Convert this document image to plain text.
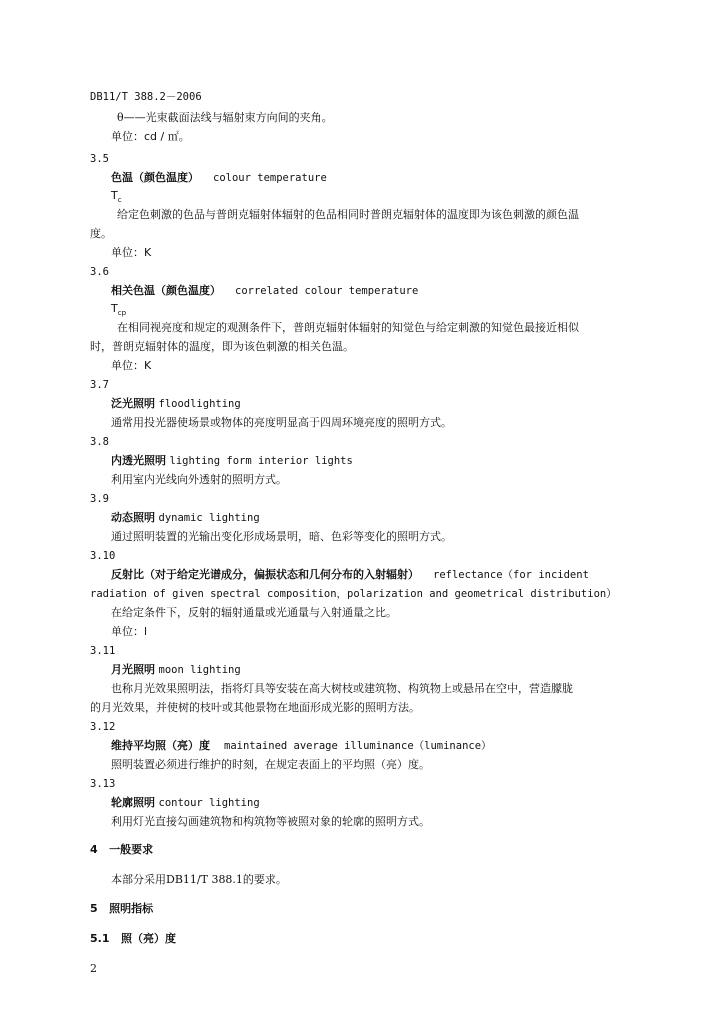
DB11/T 388.2－2006
θ——光束截面法线与辐射束方向间的夹角。
单位：cd / ㎡。
3.5
色温（颜色温度） colour temperature
$T_c$
给定色刺激的色品与普朗克辐射体辐射的色品相同时普朗克辐射体的温度即为该色刺激的颜色温
度。
单位：K
3.6
相关色温（颜色温度） correlated colour temperature
$T_{cp}$
在相同视亮度和规定的观测条件下，普朗克辐射体辐射的知觉色与给定刺激的知觉色最接近相似
时，普朗克辐射体的温度，即为该色刺激的相关色温。
单位：K
3.7
泛光照明 floodlighting
通常用投光器使场景或物体的亮度明显高于四周环境亮度的照明方式。
3.8
内透光照明 lighting form interior lights
利用室内光线向外透射的照明方式。
3.9
动态照明 dynamic lighting
通过照明装置的光输出变化形成场景明，暗、色彩等变化的照明方式。
3.10
反射比（对于给定光谱成分，偏振状态和几何分布的入射辐射） reflectance（for incident
radiation of given spectral composition，polarization and geometrical distribution）
在给定条件下，反射的辐射通量或光通量与入射通量之比。
单位：l
3.11
月光照明 moon lighting
也称月光效果照明法，指将灯具等安装在高大树枝或建筑物、构筑物上或悬吊在空中，营造朦胧
的月光效果，并使树的枝叶或其他景物在地面形成光影的照明方法。
3.12
维持平均照（亮）度 maintained average illuminance（luminance）
照明装置必须进行维护的时刻，在规定表面上的平均照（亮）度。
3.13
轮廓照明 contour lighting
利用灯光直接勾画建筑物和构筑物等被照对象的轮廓的照明方式。
4 一般要求
本部分采用DB11/T 388.1的要求。
5 照明指标
5.1 照（亮）度
2
